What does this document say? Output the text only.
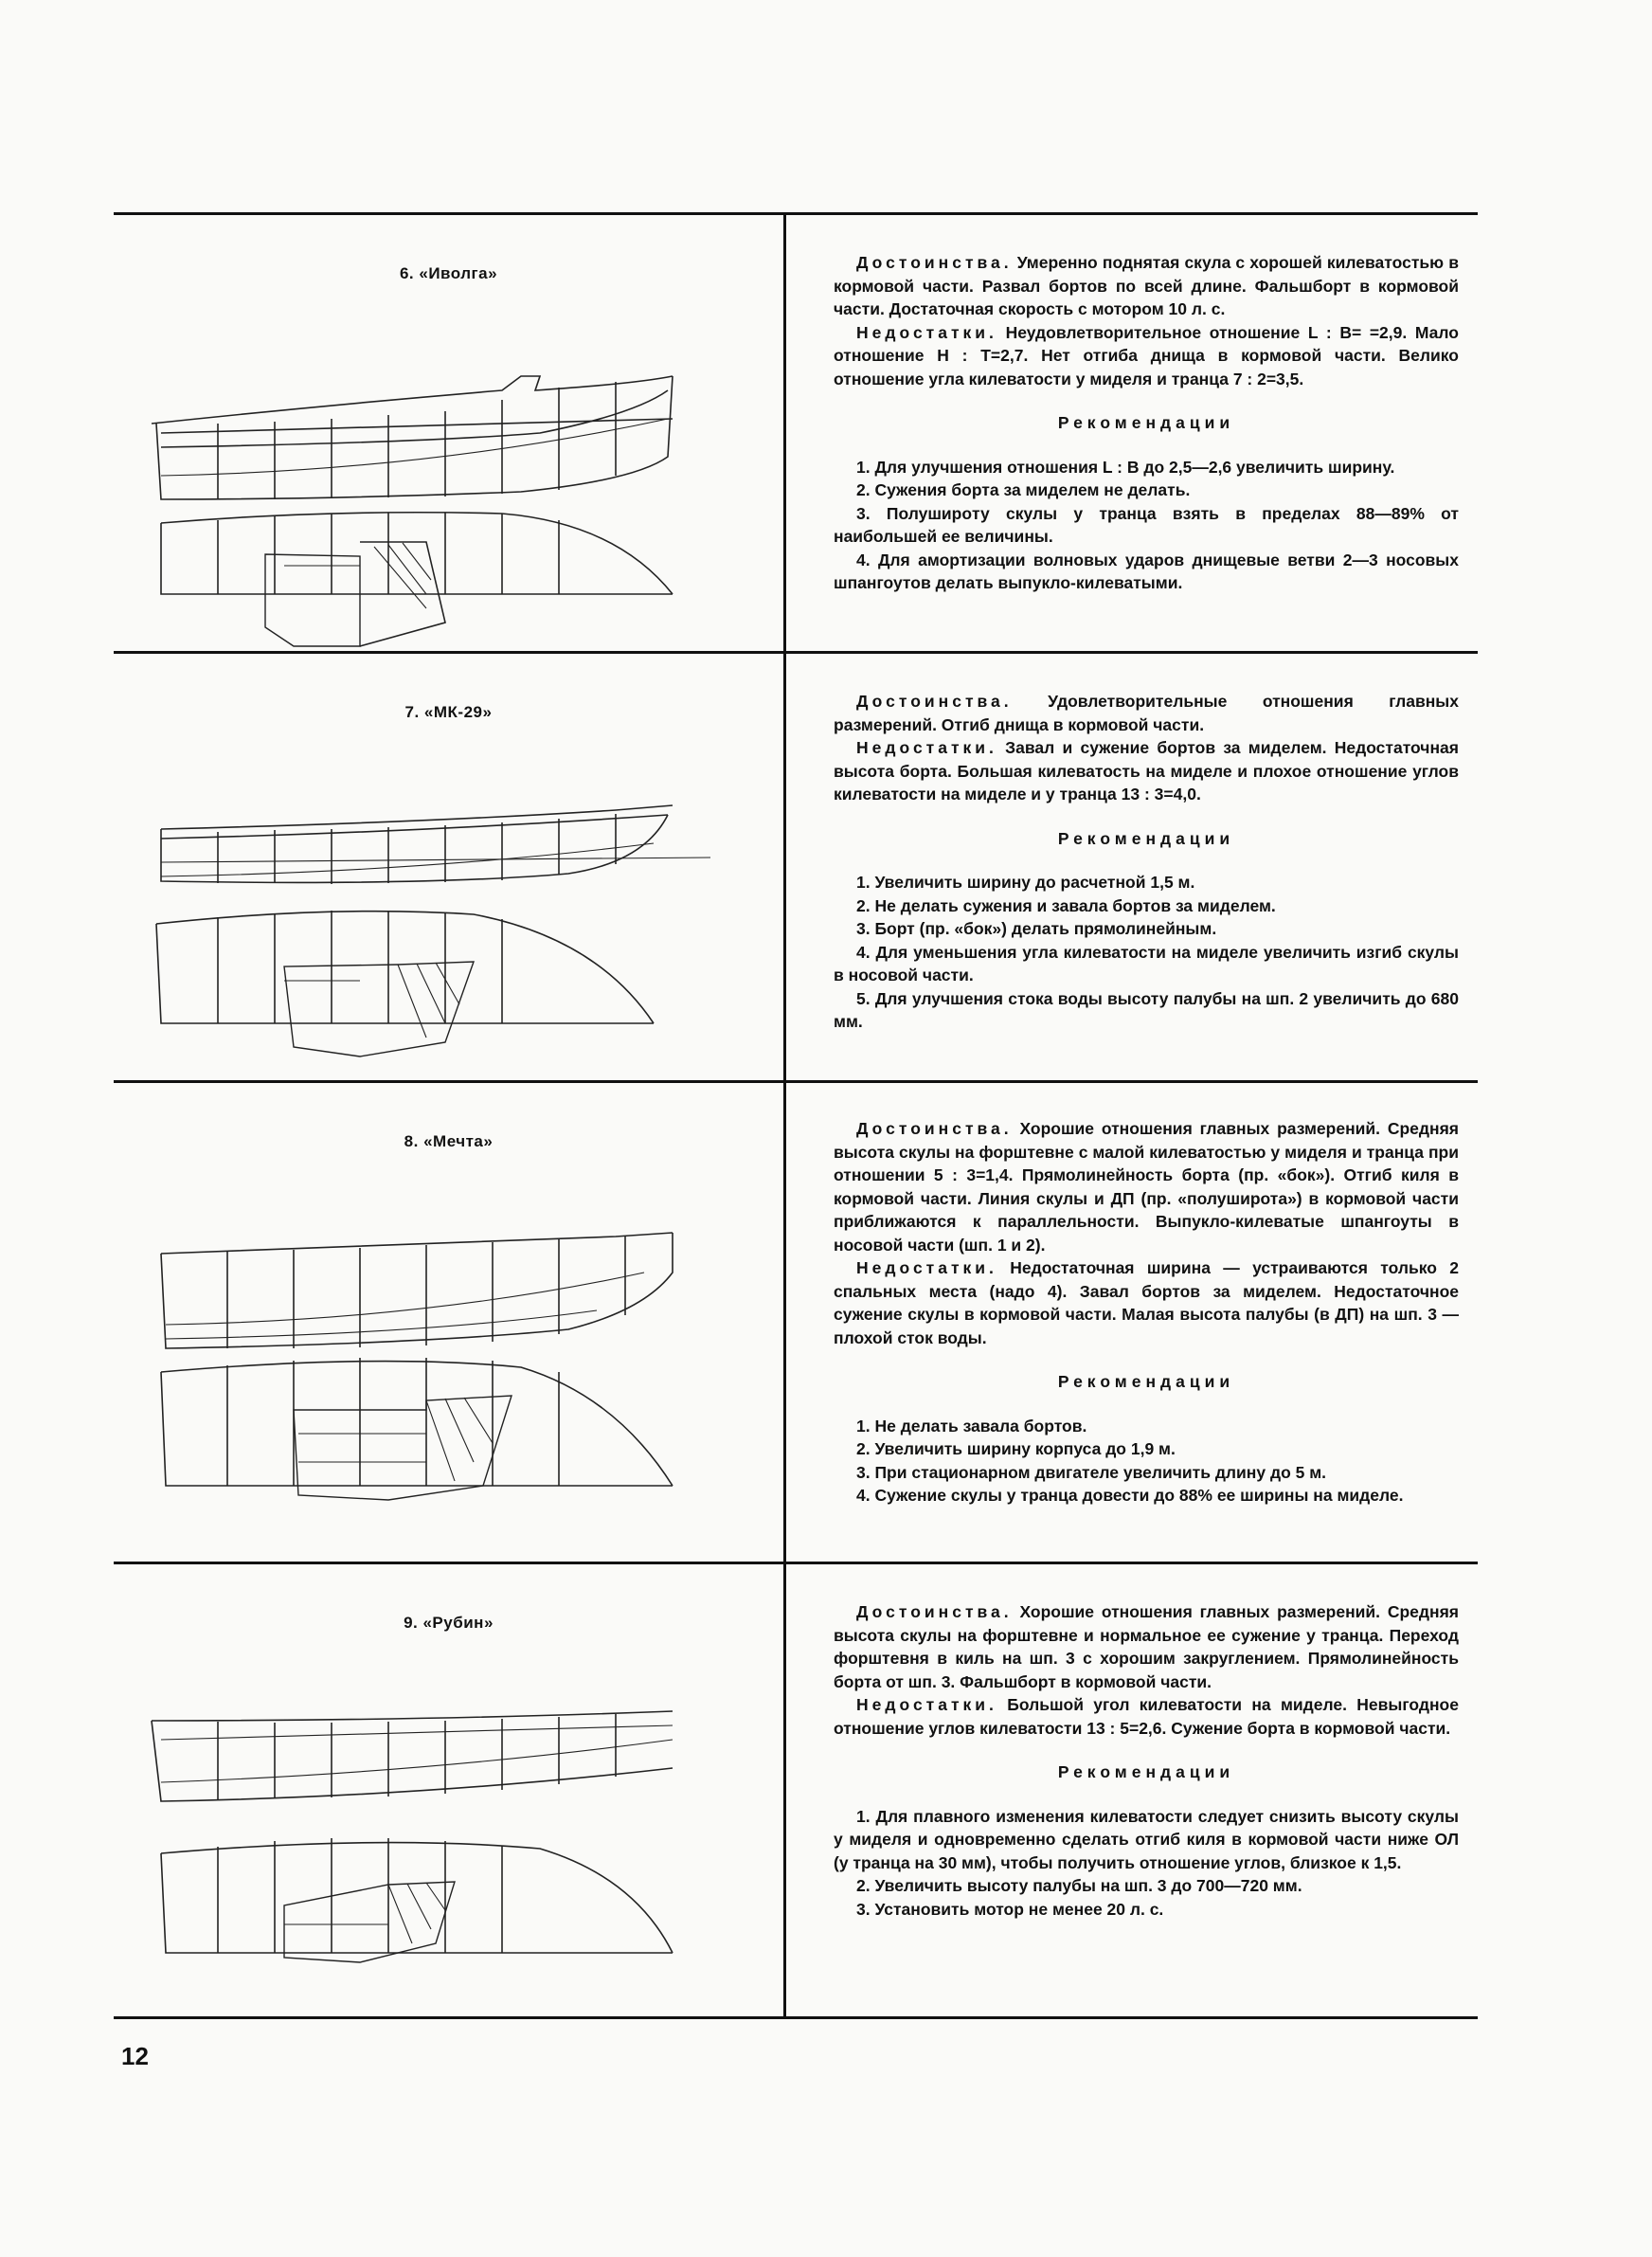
6. «Иволга»

Достоинства. Умеренно поднятая скула с хорошей килеватостью в кормовой части. Развал бортов по всей длине. Фальшборт в кормовой части. Достаточная скорость с мотором 10 л. с.

Недостатки. Неудовлетворительное отношение L : B= =2,9. Мало отношение H : T=2,7. Нет отгиба днища в кормовой части. Велико отношение угла килеватости у миделя и транца 7 : 2=3,5.

Рекомендации

1. Для улучшения отношения L : B до 2,5—2,6 увеличить ширину.

2. Сужения борта за миделем не делать.

3. Полуширoту скулы у транца взять в пределах 88—89% от наибольшей ее величины.

4. Для амортизации волновых ударов днищевые ветви 2—3 носовых шпангоутов делать выпукло-килеватыми.

7. «МК-29»

Достоинства. Удовлетворительные отношения главных размерений. Отгиб днища в кормовой части.

Недостатки. Завал и сужение бортов за миделем. Недостаточная высота борта. Большая килеватость на миделе и плохое отношение углов килеватости на миделе и у транца 13 : 3=4,0.

Рекомендации

1. Увеличить ширину до расчетной 1,5 м.

2. Не делать сужения и завала бортов за миделем.

3. Борт (пр. «бок») делать прямолинейным.

4. Для уменьшения угла килеватости на миделе увеличить изгиб скулы в носовой части.

5. Для улучшения стока воды высоту палубы на шп. 2 увеличить до 680 мм.

8. «Мечта»

Достоинства. Хорошие отношения главных размерений. Средняя высота скулы на форштевне с малой килеватостью у миделя и транца при отношении 5 : 3=1,4. Прямолинейность борта (пр. «бок»). Отгиб киля в кормовой части. Линия скулы и ДП (пр. «полуширота») в кормовой части приближаются к параллельности. Выпукло-килеватые шпангоуты в носовой части (шп. 1 и 2).

Недостатки. Недостаточная ширина — устраиваются только 2 спальных места (надо 4). Завал бортов за миделем. Недостаточное сужение скулы в кормовой части. Малая высота палубы (в ДП) на шп. 3 — плохой сток воды.

Рекомендации

1. Не делать завала бортов.

2. Увеличить ширину корпуса до 1,9 м.

3. При стационарном двигателе увеличить длину до 5 м.

4. Сужение скулы у транца довести до 88% ее ширины на миделе.

9. «Рубин»

Достоинства. Хорошие отношения главных размерений. Средняя высота скулы на форштевне и нормальное ее сужение у транца. Переход форштевня в киль на шп. 3 с хорошим закруглением. Прямолинейность борта от шп. 3. Фальшборт в кормовой части.

Недостатки. Большой угол килеватости на миделе. Невыгодное отношение углов килеватости 13 : 5=2,6. Сужение борта в кормовой части.

Рекомендации

1. Для плавного изменения килеватости следует снизить высоту скулы у миделя и одновременно сделать отгиб киля в кормовой части ниже ОЛ (у транца на 30 мм), чтобы получить отношение углов, близкое к 1,5.

2. Увеличить высоту палубы на шп. 3 до 700—720 мм.

3. Установить мотор не менее 20 л. с.

12
